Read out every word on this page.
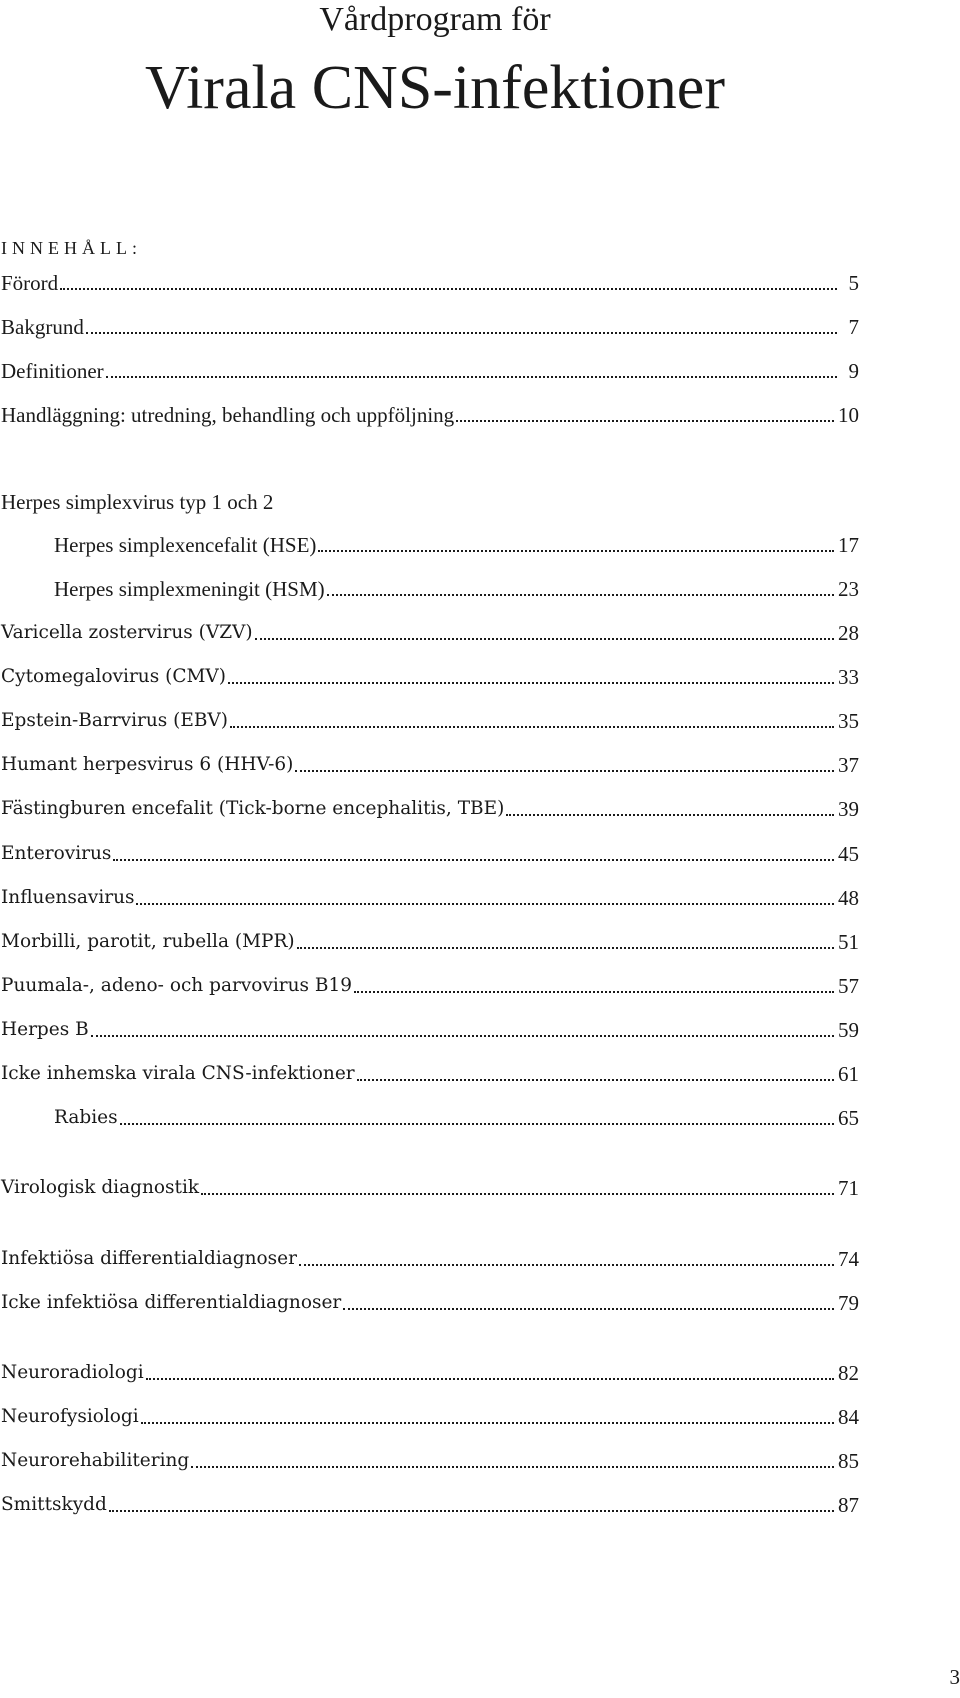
Vårdprogram för
Virala CNS-infektioner
INNEHÅLL:
Förord	5
Bakgrund	7
Definitioner	9
Handläggning: utredning, behandling och uppföljning	10
Herpes simplexvirus typ 1 och 2
Herpes simplexencefalit (HSE)	17
Herpes simplexmeningit (HSM)	23
Varicella zostervirus (VZV)	28
Cytomegalovirus (CMV)	33
Epstein-Barrvirus (EBV)	35
Humant herpesvirus 6 (HHV-6)	37
Fästingburen encefalit (Tick-borne encephalitis, TBE)	39
Enterovirus	45
Influensavirus	48
Morbilli, parotit, rubella (MPR)	51
Puumala-, adeno- och parvovirus B19	57
Herpes B	59
Icke inhemska virala CNS-infektioner	61
Rabies	65
Virologisk diagnostik	71
Infektiösa differentialdiagnoser	74
Icke infektiösa differentialdiagnoser	79
Neuroradiologi	82
Neurofysiologi	84
Neurorehabilitering	85
Smittskydd	87
3
